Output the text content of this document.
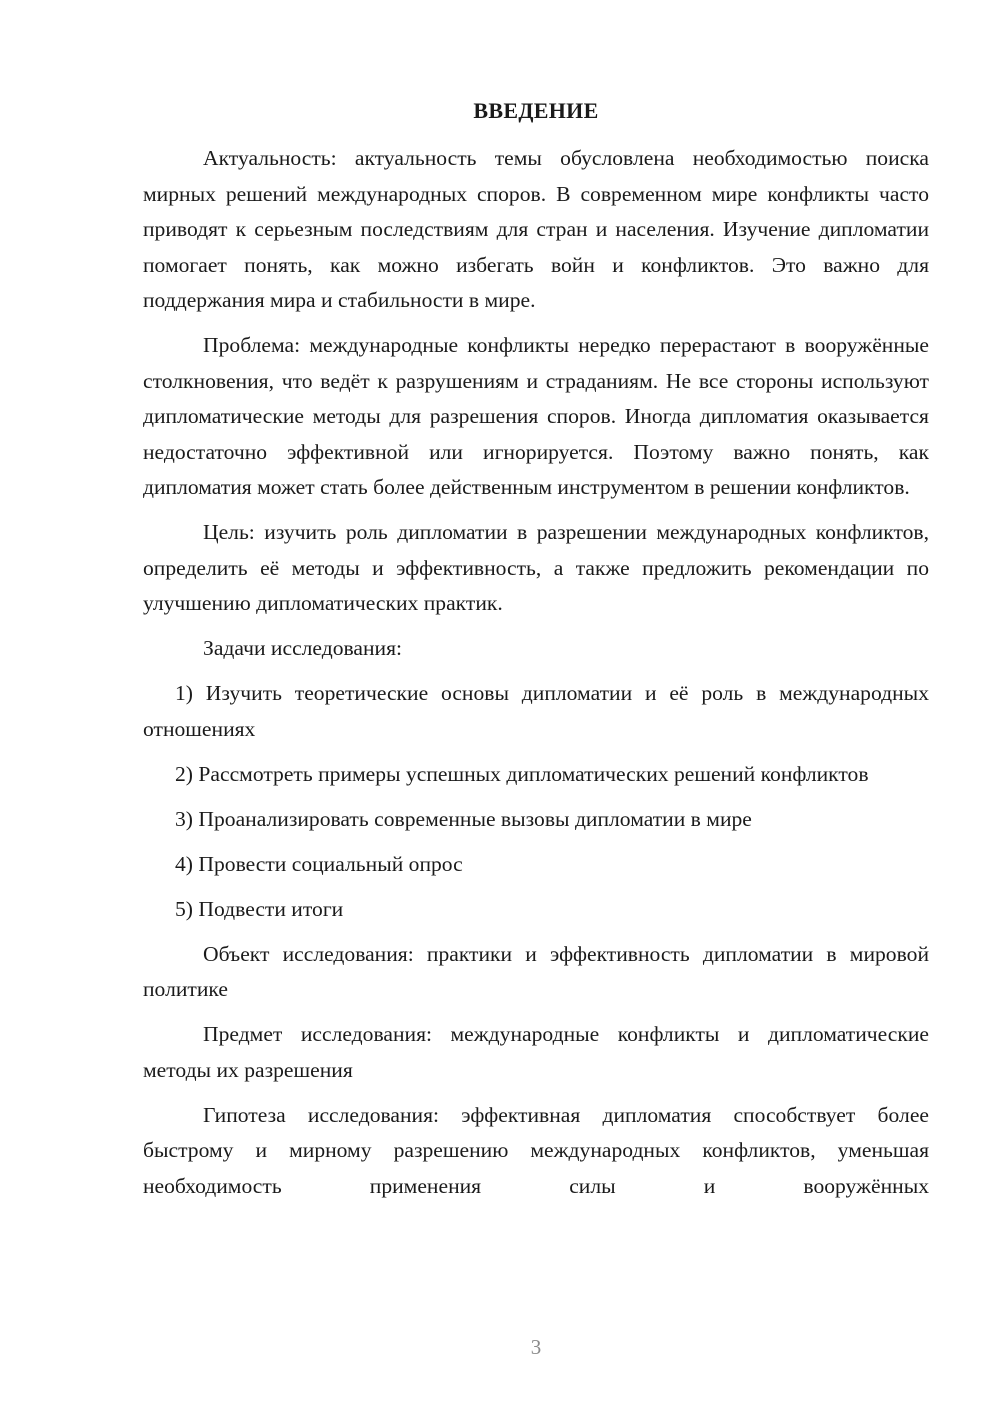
ВВЕДЕНИЕ

Актуальность: актуальность темы обусловлена необходимостью поиска мирных решений международных споров. В современном мире конфликты часто приводят к серьезным последствиям для стран и населения. Изучение дипломатии помогает понять, как можно избегать войн и конфликтов. Это важно для поддержания мира и стабильности в мире.

Проблема: международные конфликты нередко перерастают в вооружённые столкновения, что ведёт к разрушениям и страданиям. Не все стороны используют дипломатические методы для разрешения споров. Иногда дипломатия оказывается недостаточно эффективной или игнорируется. Поэтому важно понять, как дипломатия может стать более действенным инструментом в решении конфликтов.

Цель: изучить роль дипломатии в разрешении международных конфликтов, определить её методы и эффективность, а также предложить рекомендации по улучшению дипломатических практик.

Задачи исследования:

1) Изучить теоретические основы дипломатии и её роль в международных отношениях

2) Рассмотреть примеры успешных дипломатических решений конфликтов

3) Проанализировать современные вызовы дипломатии в мире

4) Провести социальный опрос

5) Подвести итоги

Объект исследования: практики и эффективность дипломатии в мировой политике

Предмет исследования: международные конфликты и дипломатические методы их разрешения

Гипотеза исследования: эффективная дипломатия способствует более быстрому и мирному разрешению международных конфликтов, уменьшая необходимость применения силы и вооружённых

3
